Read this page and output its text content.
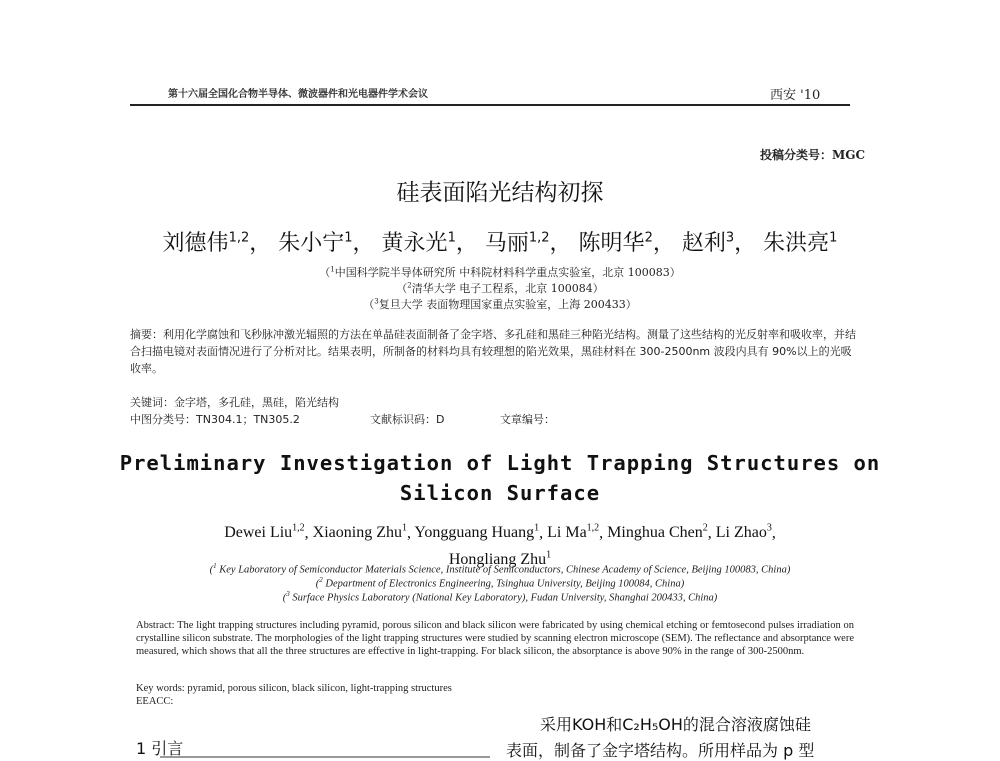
第十六届全国化合物半导体、微波器件和光电器件学术会议	西安 '10
投稿分类号：MGC
硅表面陷光结构初探
刘德伟$^{1,2}$， 朱小宁$^1$， 黄永光$^1$， 马丽$^{1,2}$， 陈明华$^2$， 赵利$^3$， 朱洪亮$^1$
（$^1$中国科学院半导体研究所 中科院材料科学重点实验室，北京 100083）
（$^2$清华大学 电子工程系，北京 100084）
（$^3$复旦大学 表面物理国家重点实验室，上海 200433）
摘要：利用化学腐蚀和飞秒脉冲激光辐照的方法在单晶硅表面制备了金字塔、多孔硅和黑硅三种陷光结构。测量了这些结构的光反射率和吸收率，并结合扫描电镜对表面情况进行了分析对比。结果表明，所制备的材料均具有较理想的陷光效果，黑硅材料在 300-2500nm 波段内具有 90%以上的光吸收率。
关键词：金字塔，多孔硅，黑硅，陷光结构
中图分类号：TN304.1；TN305.2	文献标识码：D	文章编号：
Preliminary Investigation of Light Trapping Structures on
Silicon Surface
Dewei Liu$^{1,2}$, Xiaoning Zhu$^1$, Yongguang Huang$^1$, Li Ma$^{1,2}$, Minghua Chen$^2$, Li Zhao$^3$,
Hongliang Zhu$^1$
($^1$ Key Laboratory of Semiconductor Materials Science, Institute of Semiconductors, Chinese Academy of Science, Beijing 100083, China)
($^2$ Department of Electronics Engineering, Tsinghua University, Beijing 100084, China)
($^3$ Surface Physics Laboratory (National Key Laboratory), Fudan University, Shanghai 200433, China)
Abstract: The light trapping structures including pyramid, porous silicon and black silicon were fabricated by using chemical etching or femtosecond pulses irradiation on crystalline silicon substrate. The morphologies of the light trapping structures were studied by scanning electron microscope (SEM). The reflectance and absorptance were measured, which shows that all the three structures are effective in light-trapping. For black silicon, the absorptance is above 90% in the range of 300-2500nm.
Key words: pyramid, porous silicon, black silicon, light-trapping structures
EEACC:
采用KOH和C₂H₅OH的混合溶液腐蚀硅
1 引言	表面，制备了金字塔结构。所用样品为 p 型
